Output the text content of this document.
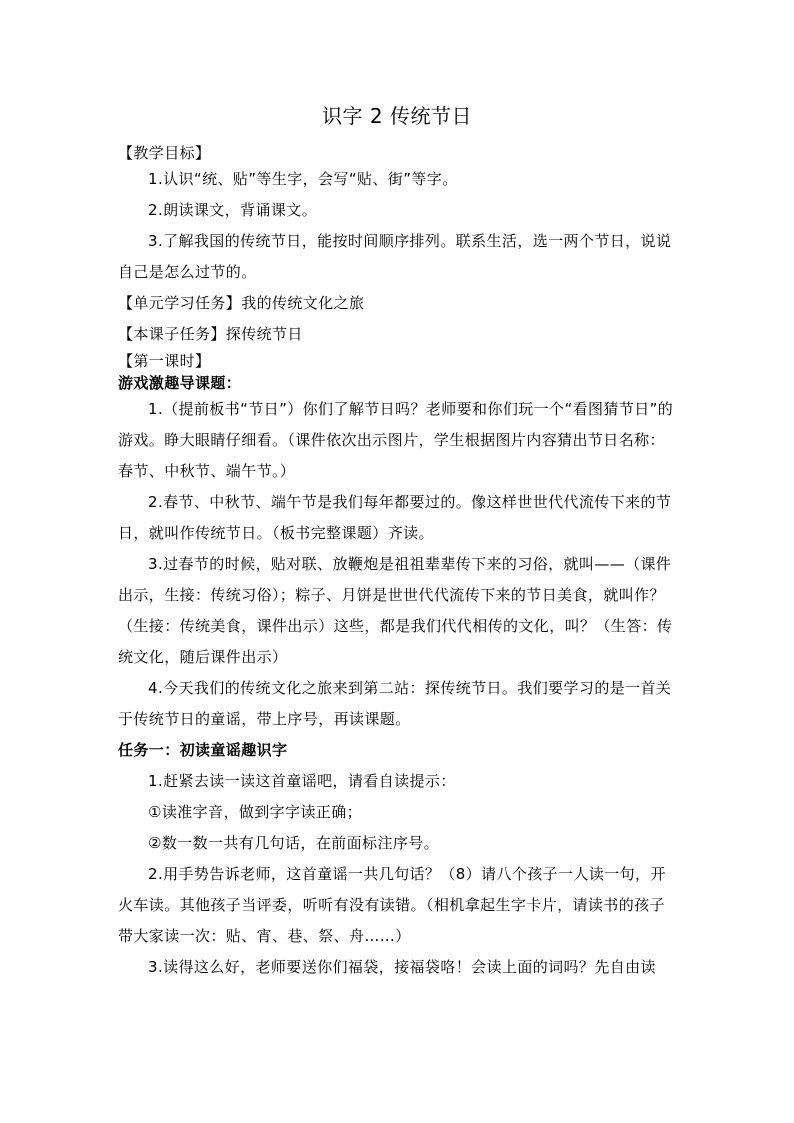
识字 2 传统节日

【教学目标】

1.认识“统、贴”等生字，会写“贴、街”等字。

2.朗读课文，背诵课文。

3.了解我国的传统节日，能按时间顺序排列。联系生活，选一两个节日，说说自己是怎么过节的。

【单元学习任务】我的传统文化之旅

【本课子任务】探传统节日

【第一课时】

游戏激趣导课题：

1.（提前板书“节日”）你们了解节日吗？老师要和你们玩一个“看图猜节日”的游戏。睁大眼睛仔细看。（课件依次出示图片，学生根据图片内容猜出节日名称：春节、中秋节、端午节。）

2.春节、中秋节、端午节是我们每年都要过的。像这样世世代代流传下来的节日，就叫作传统节日。（板书完整课题）齐读。

3.过春节的时候，贴对联、放鞭炮是祖祖辈辈传下来的习俗，就叫——（课件出示，生接：传统习俗）；粽子、月饼是世世代代流传下来的节日美食，就叫作？（生接：传统美食，课件出示）这些，都是我们代代相传的文化，叫？（生答：传统文化，随后课件出示）

4.今天我们的传统文化之旅来到第二站：探传统节日。我们要学习的是一首关于传统节日的童谣，带上序号，再读课题。

任务一：初读童谣趣识字

1.赶紧去读一读这首童谣吧，请看自读提示：

①读准字音，做到字字读正确；

②数一数一共有几句话，在前面标注序号。

2.用手势告诉老师，这首童谣一共几句话？（8）请八个孩子一人读一句，开火车读。其他孩子当评委，听听有没有读错。（相机拿起生字卡片，请读书的孩子带大家读一次：贴、宵、巷、祭、舟……）

3.读得这么好，老师要送你们福袋，接福袋咯！会读上面的词吗？先自由读
